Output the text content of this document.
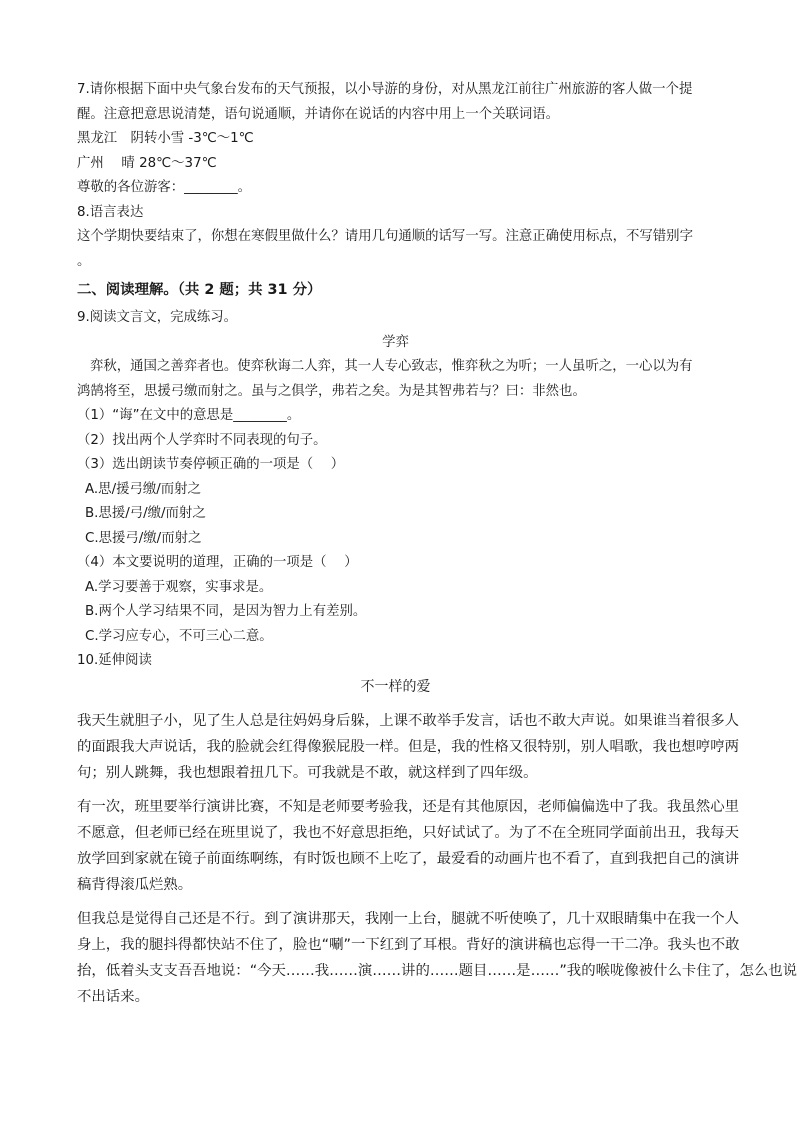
7.请你根据下面中央气象台发布的天气预报，以小导游的身份，对从黑龙江前往广州旅游的客人做一个提
醒。注意把意思说清楚，语句说通顺，并请你在说话的内容中用上一个关联词语。
黑龙江　阴转小雪 -3℃～1℃
广州　 晴 28℃～37℃
尊敬的各位游客：________。
8.语言表达
这个学期快要结束了，你想在寒假里做什么？请用几句通顺的话写一写。注意正确使用标点，不写错别字
。
二、阅读理解。（共 2 题；共 31 分）
9.阅读文言文，完成练习。
学弈
弈秋，通国之善弈者也。使弈秋诲二人弈，其一人专心致志，惟弈秋之为听；一人虽听之，一心以为有
鸿鹄将至，思援弓缴而射之。虽与之俱学，弗若之矣。为是其智弗若与？曰：非然也。
（1）“诲”在文中的意思是________。
（2）找出两个人学弈时不同表现的句子。
（3）选出朗读节奏停顿正确的一项是（　 ）
A.思/援弓缴/而射之
B.思援/弓/缴/而射之
C.思援弓/缴/而射之
（4）本文要说明的道理，正确的一项是（　 ）
A.学习要善于观察，实事求是。
B.两个人学习结果不同，是因为智力上有差别。
C.学习应专心，不可三心二意。
10.延伸阅读
不一样的爱
我天生就胆子小，见了生人总是往妈妈身后躲，上课不敢举手发言，话也不敢大声说。如果谁当着很多人
的面跟我大声说话，我的脸就会红得像猴屁股一样。但是，我的性格又很特别，别人唱歌，我也想哼哼两
句；别人跳舞，我也想跟着扭几下。可我就是不敢，就这样到了四年级。
有一次，班里要举行演讲比赛，不知是老师要考验我，还是有其他原因，老师偏偏选中了我。我虽然心里
不愿意，但老师已经在班里说了，我也不好意思拒绝，只好试试了。为了不在全班同学面前出丑，我每天
放学回到家就在镜子前面练啊练，有时饭也顾不上吃了，最爱看的动画片也不看了，直到我把自己的演讲
稿背得滚瓜烂熟。
但我总是觉得自己还是不行。到了演讲那天，我刚一上台，腿就不听使唤了，几十双眼睛集中在我一个人
身上，我的腿抖得都快站不住了，脸也“唰”一下红到了耳根。背好的演讲稿也忘得一干二净。我头也不敢
抬，低着头支支吾吾地说：“今天……我……演……讲的……题目……是……”我的喉咙像被什么卡住了，怎么也说
不出话来。
